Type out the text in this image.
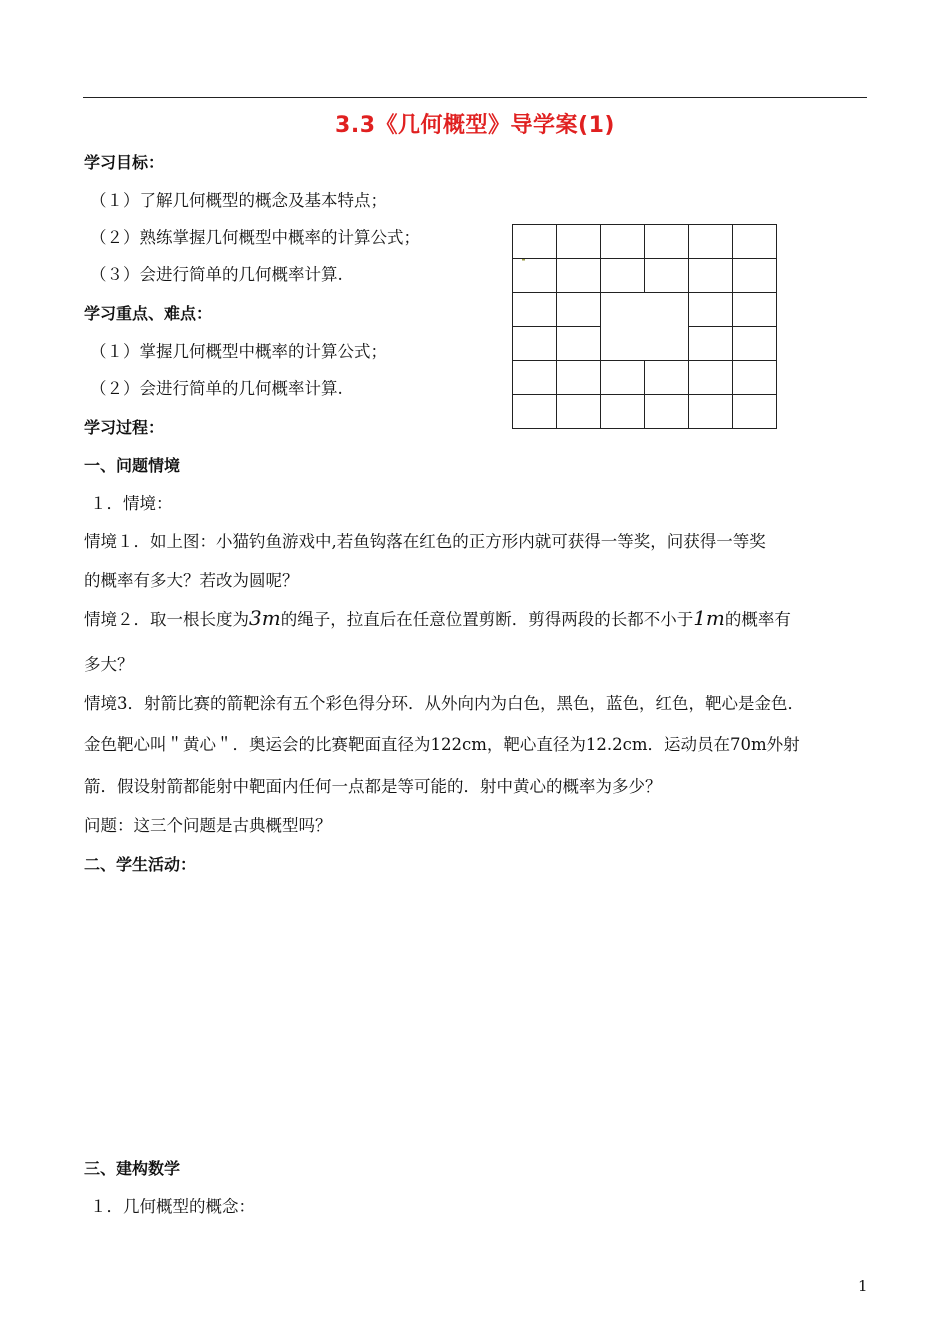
3.3《几何概型》导学案(1)
学习目标：
（１）了解几何概型的概念及基本特点；
（２）熟练掌握几何概型中概率的计算公式；
（３）会进行简单的几何概率计算.
学习重点、难点：
（１）掌握几何概型中概率的计算公式；
（２）会进行简单的几何概率计算.
学习过程：
一、问题情境
１．情境：
情境１．如上图：小猫钓鱼游戏中,若鱼钩落在红色的正方形内就可获得一等奖，问获得一等奖
的概率有多大？若改为圆呢？
情境２．取一根长度为3m的绳子，拉直后在任意位置剪断．剪得两段的长都不小于1m的概率有
多大？
情境3．射箭比赛的箭靶涂有五个彩色得分环．从外向内为白色，黑色，蓝色，红色，靶心是金色．
金色靶心叫＂黄心＂．奥运会的比赛靶面直径为122cm，靶心直径为12.2cm．运动员在70m外射
箭．假设射箭都能射中靶面内任何一点都是等可能的．射中黄心的概率为多少？
问题：这三个问题是古典概型吗？
二、学生活动：
三、建构数学
１．几何概型的概念：
1
